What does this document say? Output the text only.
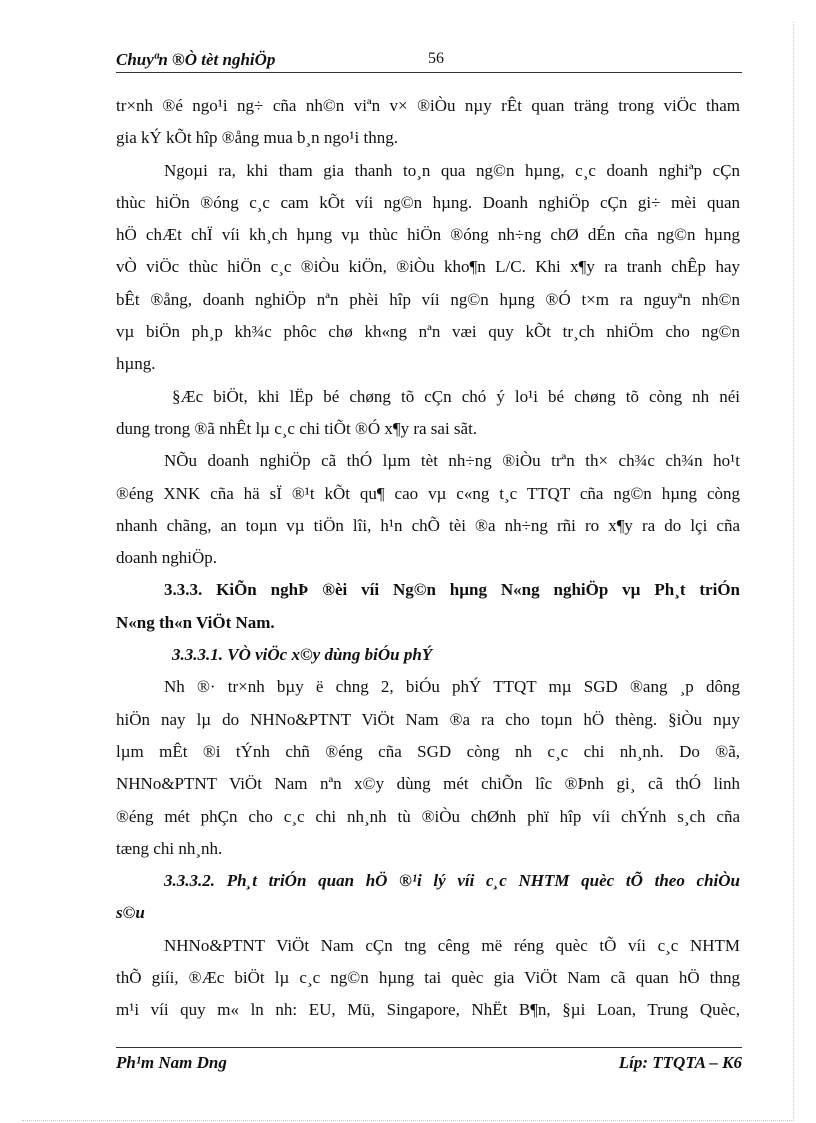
Chuyªn ®Ò tèt nghiÖp	56
tr×nh ®é ngo¹i ng÷ cña nh©n viªn v× ®iÒu nµy rÊt quan träng trong viÖc tham
gia kÝ kÕt hîp ®ång mua b¸n ngo¹i thng.
Ngoµi ra, khi tham gia thanh to¸n qua ng©n hµng, c¸c doanh nghiªp cÇn
thùc hiÖn ®óng c¸c cam kÕt víi ng©n hµng. Doanh nghiÖp cÇn gi÷ mèi quan
hÖ chÆt chÏ víi kh¸ch hµng vµ thùc hiÖn ®óng nh÷ng chØ dÉn cña ng©n hµng
vÒ viÖc thùc hiÖn c¸c ®iÒu kiÖn, ®iÒu kho¶n L/C. Khi x¶y ra tranh chÊp hay
bÊt ®ång, doanh nghiÖp nªn phèi hîp víi ng©n hµng ®Ó t×m ra nguyªn nh©n
vµ biÖn ph¸p kh¾c phôc chø kh«ng nªn væi quy kÕt tr¸ch nhiÖm cho ng©n
hµng.
§Æc biÖt, khi lËp bé chøng tõ cÇn chó ý lo¹i bé chøng tõ còng nh néi
dung trong ®ã nhÊt lµ c¸c chi tiÕt ®Ó x¶y ra sai sãt.
NÕu doanh nghiÖp cã thÓ lµm tèt nh÷ng ®iÒu trªn th× ch¾c ch¾n ho¹t
®éng XNK cña hä sÏ ®¹t kÕt qu¶ cao vµ c«ng t¸c TTQT cña ng©n hµng còng
nhanh chãng, an toµn vµ tiÖn lîi, h¹n chÕ tèi ®a nh÷ng rñi ro x¶y ra do lçi cña
doanh nghiÖp.
3.3.3. KiÕn nghÞ ®èi víi Ng©n hµng N«ng nghiÖp vµ Ph¸t triÓn
N«ng th«n ViÖt Nam.
3.3.3.1. VÒ viÖc x©y dùng biÓu phÝ
Nh ®· tr×nh bµy ë chng 2, biÓu phÝ TTQT mµ SGD ®ang ¸p dông
hiÖn nay lµ do NHNo&PTNT ViÖt Nam ®a ra cho toµn hÖ thèng. §iÒu nµy
lµm mÊt ®i tÝnh chñ ®éng cña SGD còng nh c¸c chi nh¸nh. Do ®ã,
NHNo&PTNT ViÖt Nam nªn x©y dùng mét chiÕn lîc ®Þnh gi¸ cã thÓ linh
®éng mét phÇn cho c¸c chi nh¸nh tù ®iÒu chØnh phï hîp víi chÝnh s¸ch cña
tæng chi nh¸nh.
3.3.3.2. Ph¸t triÓn quan hÖ ®¹i lý víi c¸c NHTM quèc tÕ theo chiÒu
s©u
NHNo&PTNT ViÖt Nam cÇn tng cêng më réng quèc tÕ víi c¸c NHTM
thÕ giíi, ®Æc biÖt lµ c¸c ng©n hµng tai quèc gia ViÖt Nam cã quan hÖ thng
m¹i víi quy m« ln nh: EU, Mü, Singapore, NhËt B¶n, §µi Loan, Trung Quèc,
Ph¹m Nam Dng	Líp: TTQTA – K6
